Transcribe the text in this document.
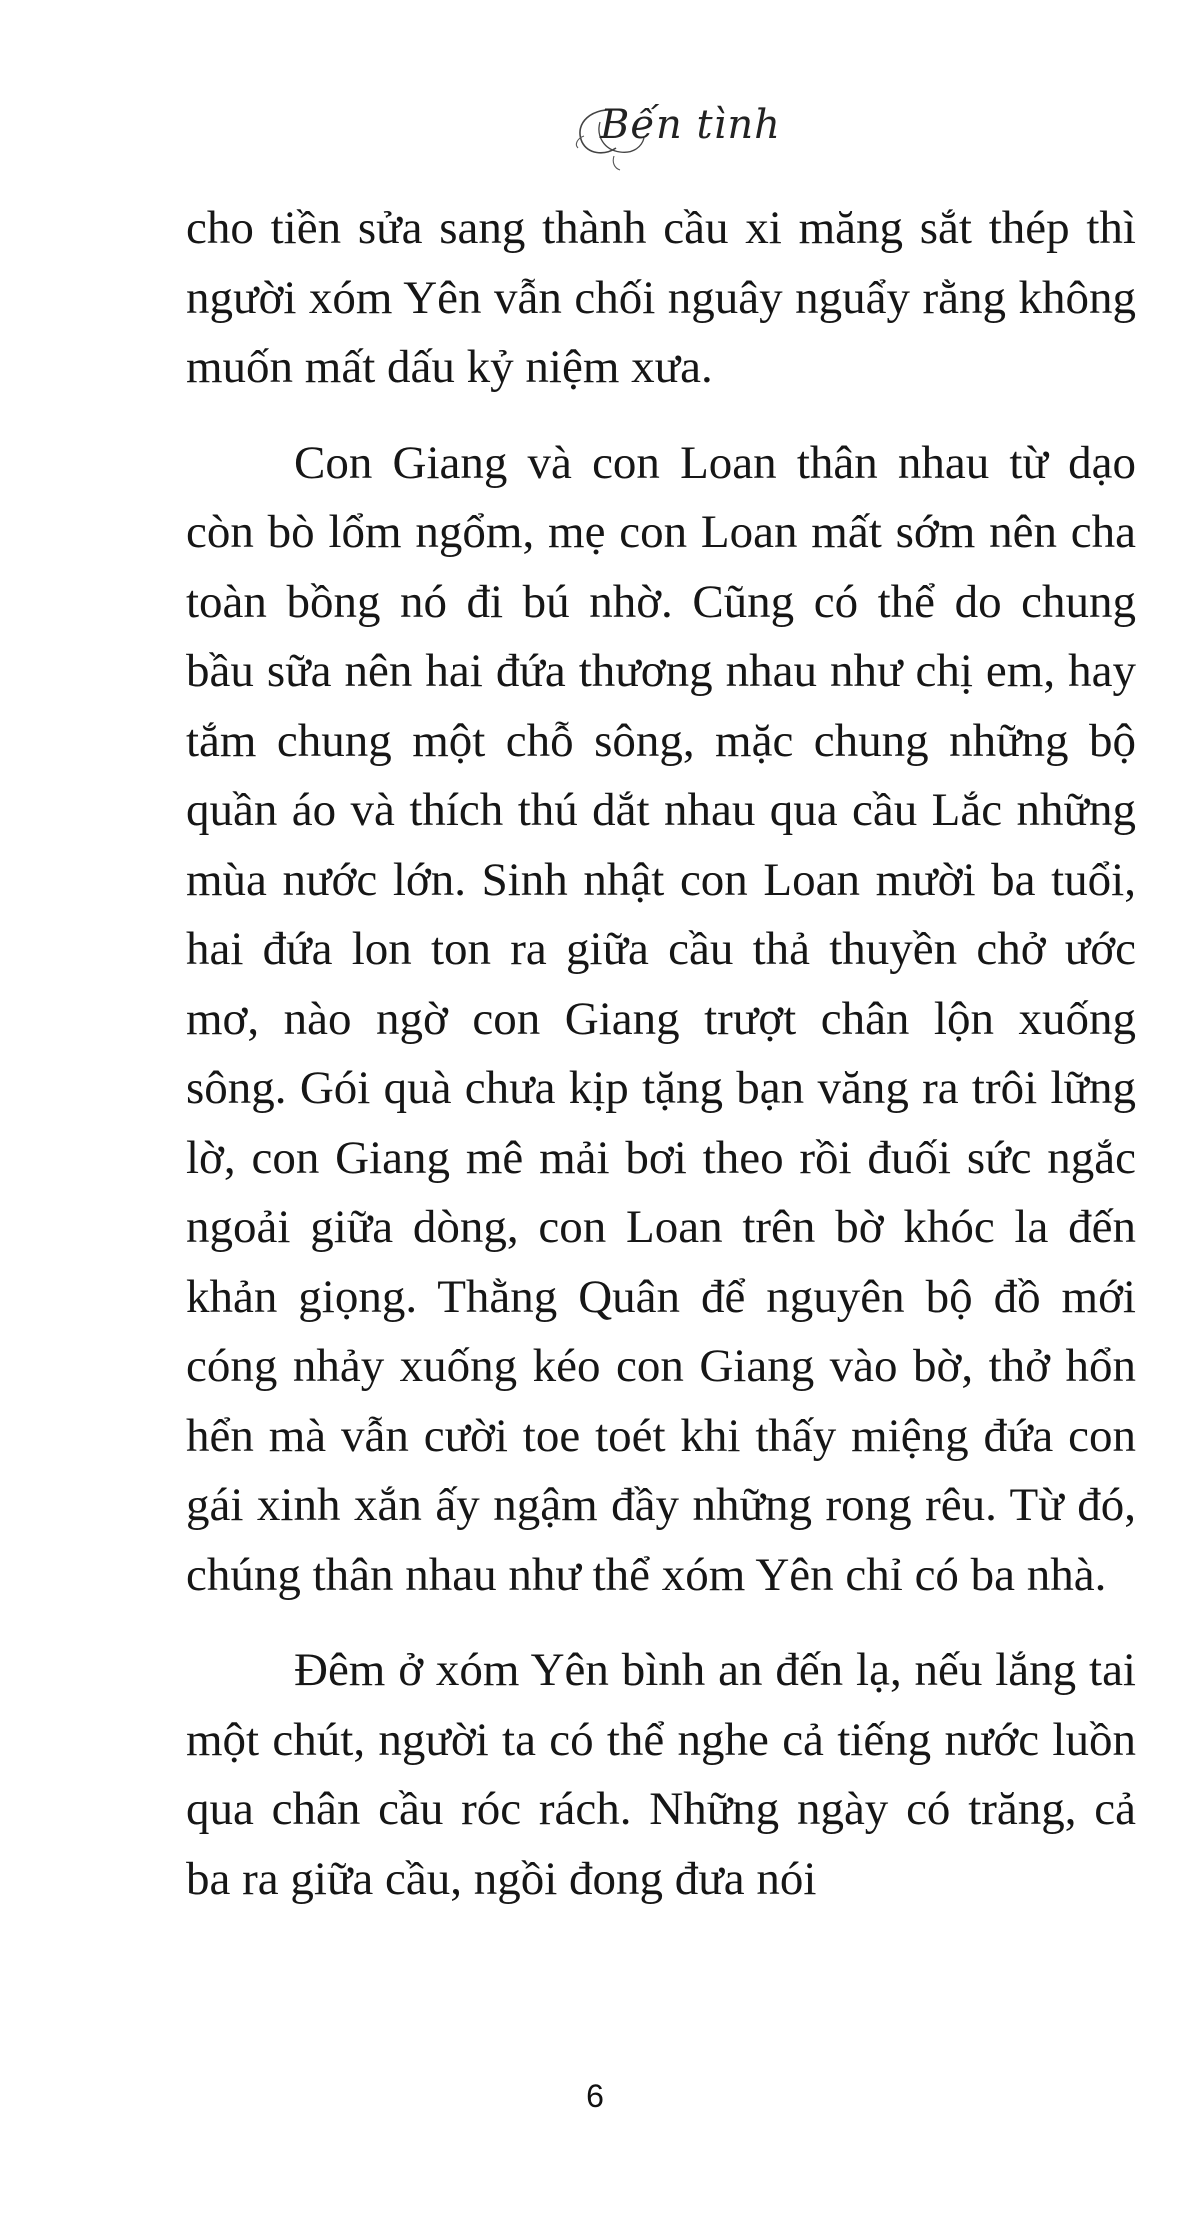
Bến tình

cho tiền sửa sang thành cầu xi măng sắt thép thì người xóm Yên vẫn chối nguây nguẩy rằng không muốn mất dấu kỷ niệm xưa.

Con Giang và con Loan thân nhau từ dạo còn bò lổm ngổm, mẹ con Loan mất sớm nên cha toàn bồng nó đi bú nhờ. Cũng có thể do chung bầu sữa nên hai đứa thương nhau như chị em, hay tắm chung một chỗ sông, mặc chung những bộ quần áo và thích thú dắt nhau qua cầu Lắc những mùa nước lớn. Sinh nhật con Loan mười ba tuổi, hai đứa lon ton ra giữa cầu thả thuyền chở ước mơ, nào ngờ con Giang trượt chân lộn xuống sông. Gói quà chưa kịp tặng bạn văng ra trôi lững lờ, con Giang mê mải bơi theo rồi đuối sức ngắc ngoải giữa dòng, con Loan trên bờ khóc la đến khản giọng. Thằng Quân để nguyên bộ đồ mới cóng nhảy xuống kéo con Giang vào bờ, thở hổn hển mà vẫn cười toe toét khi thấy miệng đứa con gái xinh xắn ấy ngậm đầy những rong rêu. Từ đó, chúng thân nhau như thể xóm Yên chỉ có ba nhà.

Đêm ở xóm Yên bình an đến lạ, nếu lắng tai một chút, người ta có thể nghe cả tiếng nước luồn qua chân cầu róc rách. Những ngày có trăng, cả ba ra giữa cầu, ngồi đong đưa nói

6
